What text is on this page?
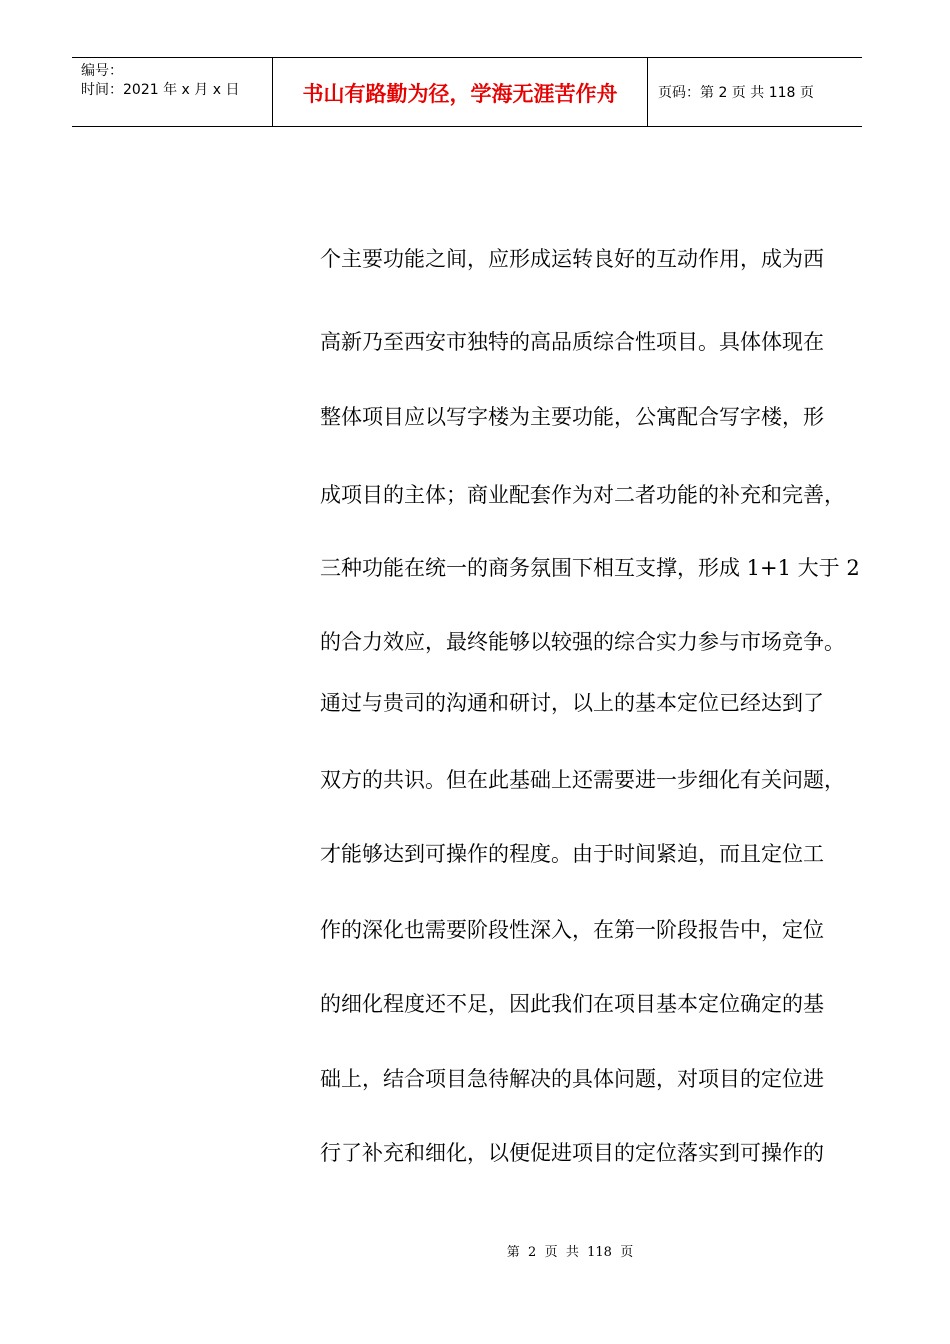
编号：
时间：2021 年 x 月 x 日	书山有路勤为径，学海无涯苦作舟	页码：第 2 页 共 118 页
个主要功能之间，应形成运转良好的互动作用，成为西
高新乃至西安市独特的高品质综合性项目。具体体现在
整体项目应以写字楼为主要功能，公寓配合写字楼，形
成项目的主体；商业配套作为对二者功能的补充和完善，
三种功能在统一的商务氛围下相互支撑，形成 1+1 大于 2
的合力效应，最终能够以较强的综合实力参与市场竞争。
通过与贵司的沟通和研讨，以上的基本定位已经达到了
双方的共识。但在此基础上还需要进一步细化有关问题，
才能够达到可操作的程度。由于时间紧迫，而且定位工
作的深化也需要阶段性深入，在第一阶段报告中，定位
的细化程度还不足，因此我们在项目基本定位确定的基
础上，结合项目急待解决的具体问题，对项目的定位进
行了补充和细化，以便促进项目的定位落实到可操作的
第  2  页  共  118  页
